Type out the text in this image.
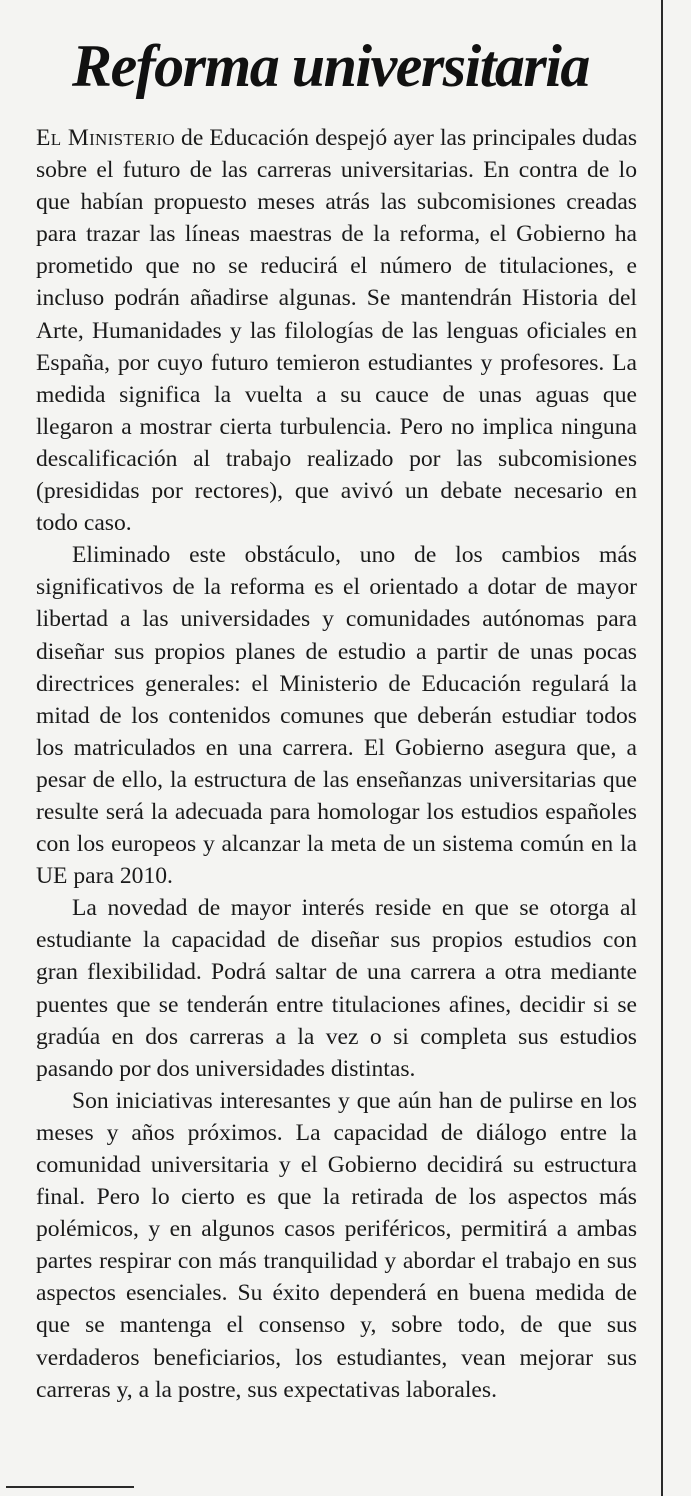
Reforma universitaria

El Ministerio de Educación despejó ayer las principales dudas sobre el futuro de las carreras universitarias. En contra de lo que habían propuesto meses atrás las subcomisiones creadas para trazar las líneas maestras de la reforma, el Gobierno ha prometido que no se reducirá el número de titulaciones, e incluso podrán añadirse algunas. Se mantendrán Historia del Arte, Humanidades y las filologías de las lenguas oficiales en España, por cuyo futuro temieron estudiantes y profesores. La medida significa la vuelta a su cauce de unas aguas que llegaron a mostrar cierta turbulencia. Pero no implica ninguna descalificación al trabajo realizado por las subcomisiones (presididas por rectores), que avivó un debate necesario en todo caso.

Eliminado este obstáculo, uno de los cambios más significativos de la reforma es el orientado a dotar de mayor libertad a las universidades y comunidades autónomas para diseñar sus propios planes de estudio a partir de unas pocas directrices generales: el Ministerio de Educación regulará la mitad de los contenidos comunes que deberán estudiar todos los matriculados en una carrera. El Gobierno asegura que, a pesar de ello, la estructura de las enseñanzas universitarias que resulte será la adecuada para homologar los estudios españoles con los europeos y alcanzar la meta de un sistema común en la UE para 2010.

La novedad de mayor interés reside en que se otorga al estudiante la capacidad de diseñar sus propios estudios con gran flexibilidad. Podrá saltar de una carrera a otra mediante puentes que se tenderán entre titulaciones afines, decidir si se gradúa en dos carreras a la vez o si completa sus estudios pasando por dos universidades distintas.

Son iniciativas interesantes y que aún han de pulirse en los meses y años próximos. La capacidad de diálogo entre la comunidad universitaria y el Gobierno decidirá su estructura final. Pero lo cierto es que la retirada de los aspectos más polémicos, y en algunos casos periféricos, permitirá a ambas partes respirar con más tranquilidad y abordar el trabajo en sus aspectos esenciales. Su éxito dependerá en buena medida de que se mantenga el consenso y, sobre todo, de que sus verdaderos beneficiarios, los estudiantes, vean mejorar sus carreras y, a la postre, sus expectativas laborales.
